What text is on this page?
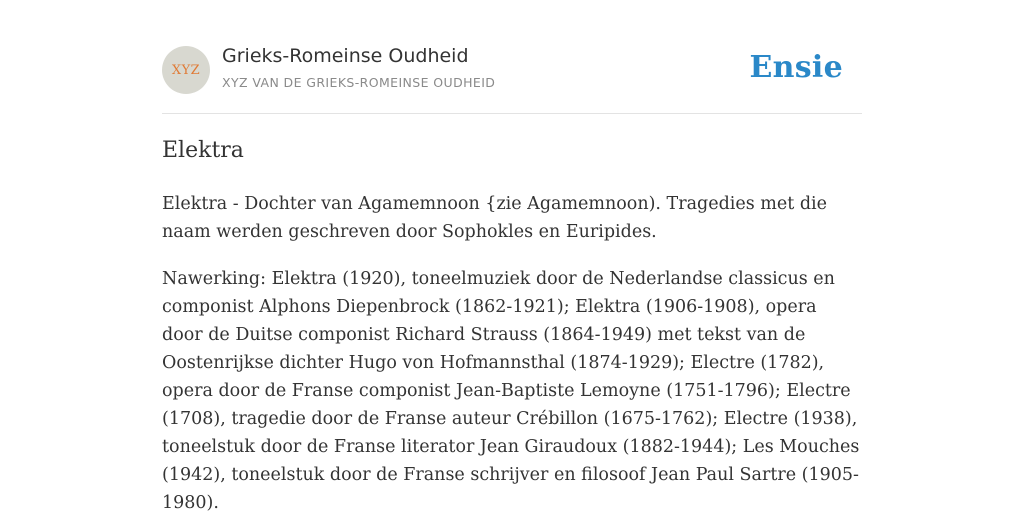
XYZ
Grieks-Romeinse Oudheid
XYZ VAN DE GRIEKS-ROMEINSE OUDHEID	Ensie
Elektra

Elektra - Dochter van Agamemnoon {zie Agamemnoon). Tragedies met die naam werden geschreven door Sophokles en Euripides.

Nawerking: Elektra (1920), toneelmuziek door de Nederlandse classicus en componist Alphons Diepenbrock (1862-1921); Elektra (1906-1908), opera door de Duitse componist Richard Strauss (1864-1949) met tekst van de Oostenrijkse dichter Hugo von Hofmannsthal (1874-1929); Electre (1782), opera door de Franse componist Jean-Baptiste Lemoyne (1751-1796); Electre (1708), tragedie door de Franse auteur Crébillon (1675-1762); Electre (1938), toneelstuk door de Franse literator Jean Giraudoux (1882-1944); Les Mouches (1942), toneelstuk door de Franse schrijver en filosoof Jean Paul Sartre (1905-1980).
